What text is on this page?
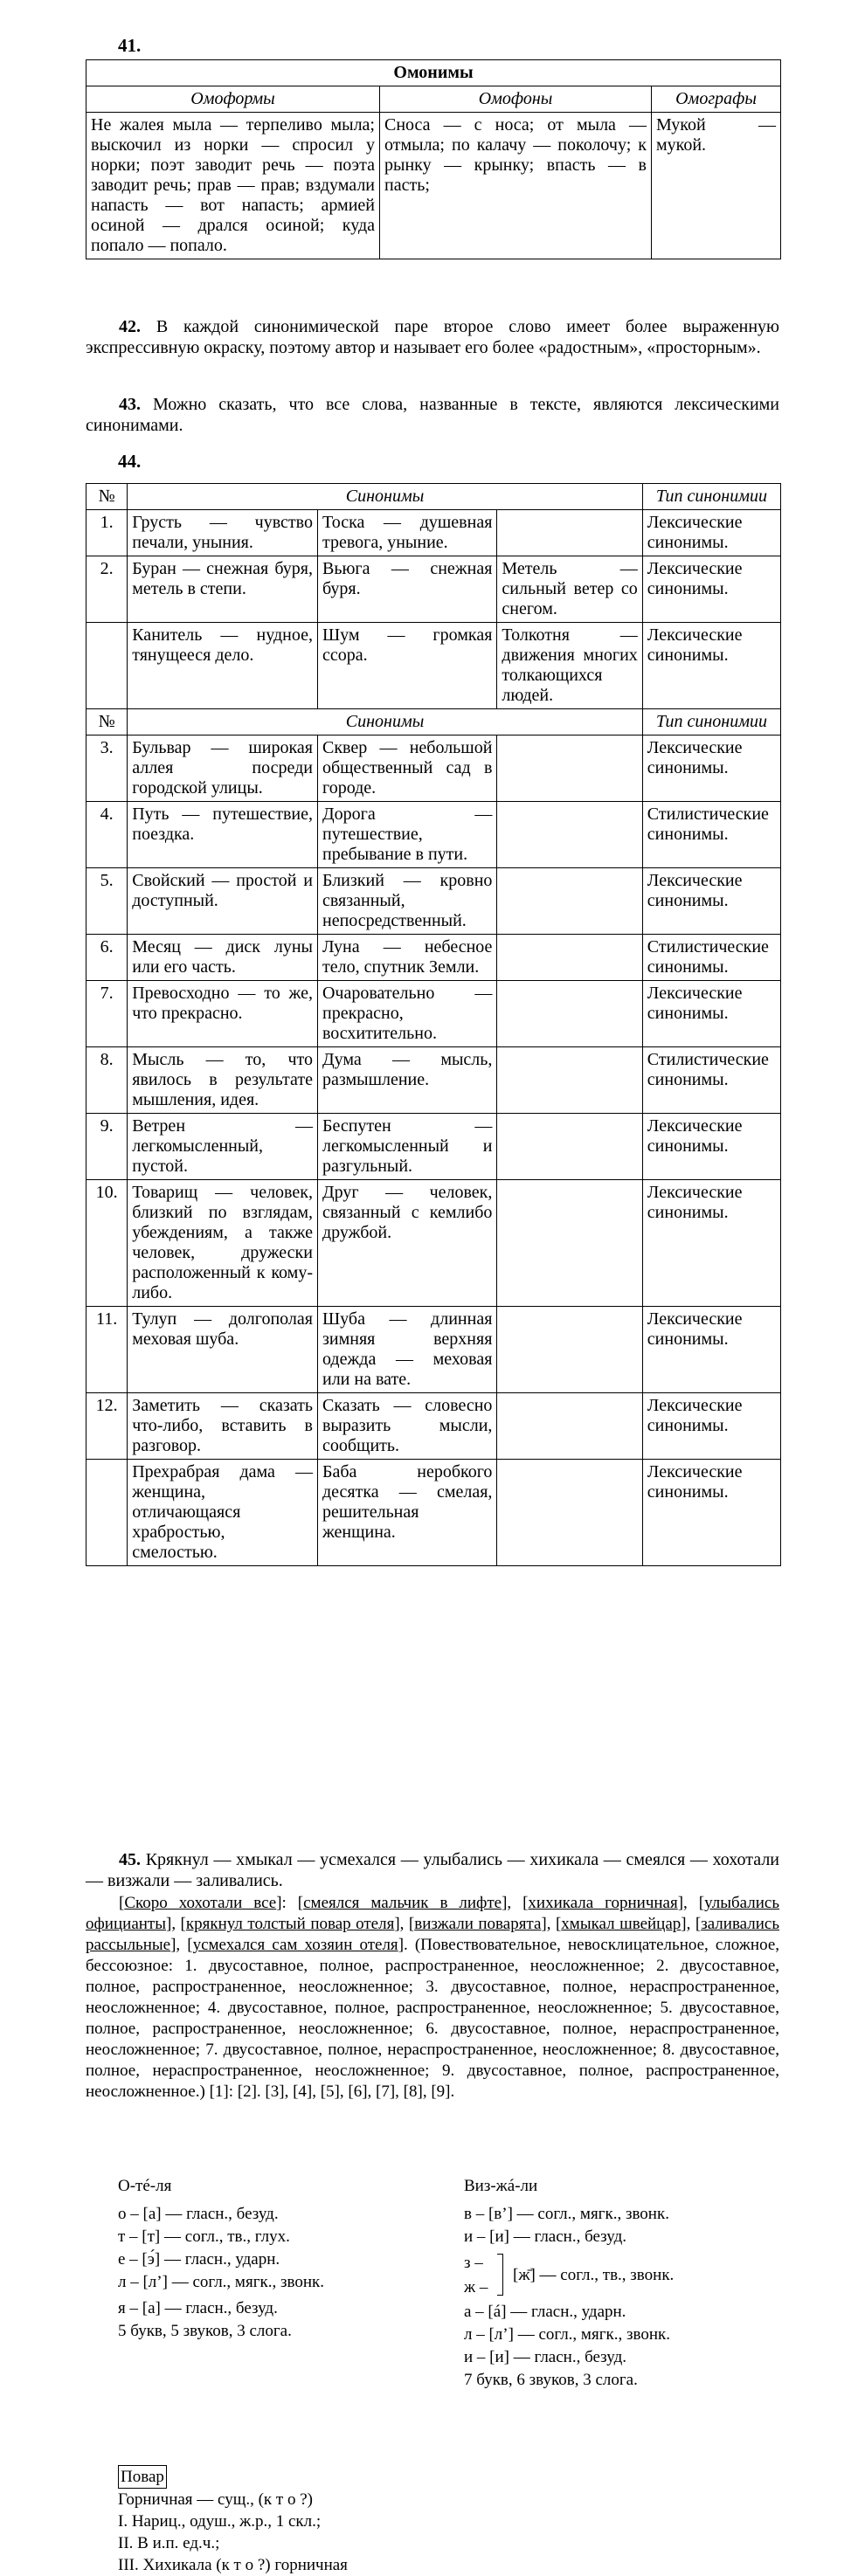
41.
Омонимы		
Омоформы	Омофоны	Омографы
Не жалея мыла — терпеливо мыла; выскочил из норки — спросил у норки; поэт заводит речь — поэта заводит речь; прав — прав; вздумали напасть — вот напасть; армией осиной — дрался осиной; куда попало — попало.	Сноса — с носа; от мыла — отмыла; по калачу — поколочу; к рынку — крынку; впасть — в пасть;	Мукой — мукой.
42. В каждой синонимической паре второе слово имеет более выраженную экспрессивную окраску, поэтому автор и называет его более «радостным», «просторным».
43. Можно сказать, что все слова, названные в тексте, являются лексическими синонимами.
44.
№	Синонимы			Тип синонимии
1.	Грусть — чувство печали, уныния.	Тоска — душевная тревога, уныние.		Лексические синонимы.
2.	Буран — снежная буря, метель в степи.	Вьюга — снежная буря.	Метель — сильный ветер со снегом.	Лексические синонимы.
	Канитель — нудное, тянущееся дело.	Шум — громкая ссора.	Толкотня — движения многих толкающихся людей.	Лексические синонимы.
№	Синонимы			Тип синонимии
3.	Бульвар — широкая аллея посреди городской улицы.	Сквер — небольшой общественный сад в городе.		Лексические синонимы.
4.	Путь — путешествие, поездка.	Дорога — путешествие, пребывание в пути.		Стилистические синонимы.
5.	Свойский — простой и доступный.	Близкий — кровно связанный, непосредственный.		Лексические синонимы.
6.	Месяц — диск луны или его часть.	Луна — небесное тело, спутник Земли.		Стилистические синонимы.
7.	Превосходно — то же, что прекрасно.	Очаровательно — прекрасно, восхитительно.		Лексические синонимы.
8.	Мысль — то, что явилось в результате мышления, идея.	Дума — мысль, размышление.		Стилистические синонимы.
9.	Ветрен — легкомысленный, пустой.	Беспутен — легкомысленный и разгульный.		Лексические синонимы.
10.	Товарищ — человек, близкий по взглядам, убеждениям, а также человек, дружески расположенный к кому-либо.	Друг — человек, связанный с кемлибо дружбой.		Лексические синонимы.
11.	Тулуп — долгополая меховая шуба.	Шуба — длинная зимняя верхняя одежда — меховая или на вате.		Лексические синонимы.
12.	Заметить — сказать что-либо, вставить в разговор.	Сказать — словесно выразить мысли, сообщить.		Лексические синонимы.
	Прехрабрая дама — женщина, отличающаяся храбростью, смелостью.	Баба неробкого десятка — смелая, решительная женщина.		Лексические синонимы.

45. Крякнул — хмыкал — усмехался — улыбались — хихикала — смеялся — хохотали — визжали — заливались.

[Скоро хохотали все]: [смеялся мальчик в лифте], [хихикала горничная], [улыбались официанты], [крякнул толстый повар отеля], [визжали поварята], [хмыкал швейцар], [заливались рассыльные], [усмехался сам хозяин отеля]. (Повествовательное, невосклицательное, сложное, бессоюзное: 1. двусоставное, полное, распространенное, неосложненное; 2. двусоставное, полное, распространенное, неосложненное; 3. двусоставное, полное, нераспространенное, неосложненное; 4. двусоставное, полное, распространенное, неосложненное; 5. двусоставное, полное, распространенное, неосложненное; 6. двусоставное, полное, нераспространенное, неосложненное; 7. двусоставное, полное, нераспространенное, неосложненное; 8. двусоставное, полное, нераспространенное, неосложненное; 9. двусоставное, полное, распространенное, неосложненное.) [1]: [2]. [3], [4], [5], [6], [7], [8], [9].

О-тé-ля
о – [а] — гласн., безуд.
т – [т] — согл., тв., глух.
е – [э́] — гласн., ударн.
л – [л’] — согл., мягк., звонк.
я – [а] — гласн., безуд.
5 букв, 5 звуков, 3 слога.
Виз-жá-ли
в – [в’] — согл., мягк., звонк.
и – [и] — гласн., безуд.
з –
ж –
[ж̄] — согл., тв., звонк.
а – [á] — гласн., ударн.
л – [л’] — согл., мягк., звонк.
и – [и] — гласн., безуд.
7 букв, 6 звуков, 3 слога.
Повар
Горничная — сущ., (к т о ?)
I. Нариц., одуш., ж.р., 1 скл.;
II. В и.п. ед.ч.;
III. Хихикала (к т о ?) горничная
